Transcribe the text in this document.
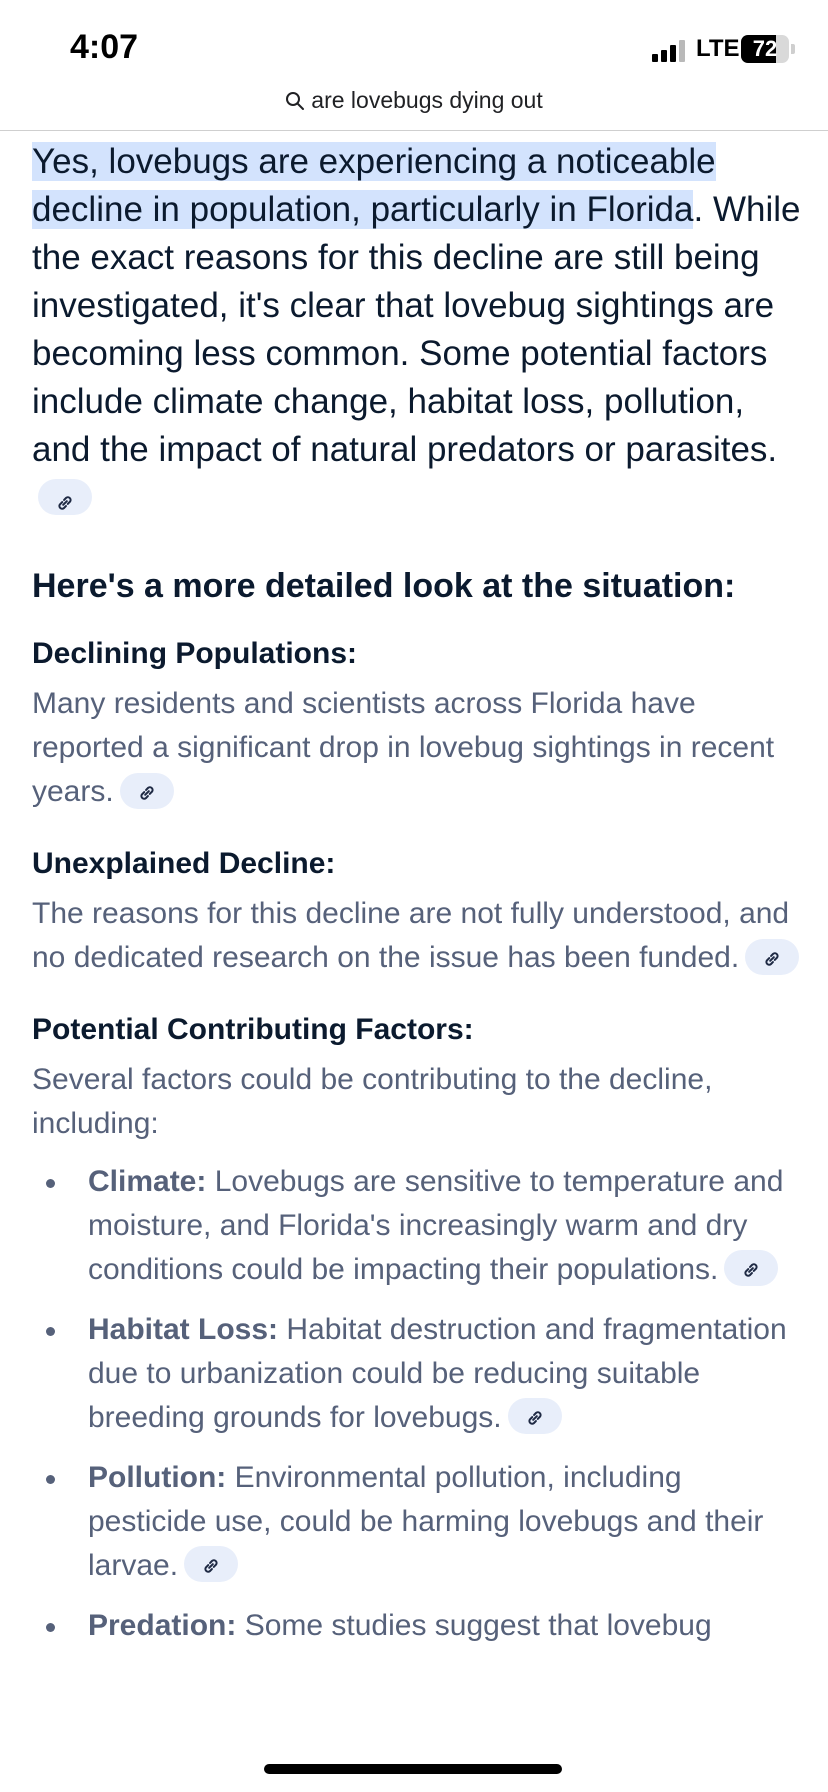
4:07	LTE 72
are lovebugs dying out

Yes, lovebugs are experiencing a noticeable decline in population, particularly in Florida. While the exact reasons for this decline are still being investigated, it's clear that lovebug sightings are becoming less common. Some potential factors include climate change, habitat loss, pollution, and the impact of natural predators or parasites.

Here's a more detailed look at the situation:
Declining Populations:

Many residents and scientists across Florida have reported a significant drop in lovebug sightings in recent years.

Unexplained Decline:

The reasons for this decline are not fully understood, and no dedicated research on the issue has been funded.

Potential Contributing Factors:

Several factors could be contributing to the decline, including:

Climate: Lovebugs are sensitive to temperature and moisture, and Florida's increasingly warm and dry conditions could be impacting their populations.
Habitat Loss: Habitat destruction and fragmentation due to urbanization could be reducing suitable breeding grounds for lovebugs.
Pollution: Environmental pollution, including pesticide use, could be harming lovebugs and their larvae.
Predation: Some studies suggest that lovebug
